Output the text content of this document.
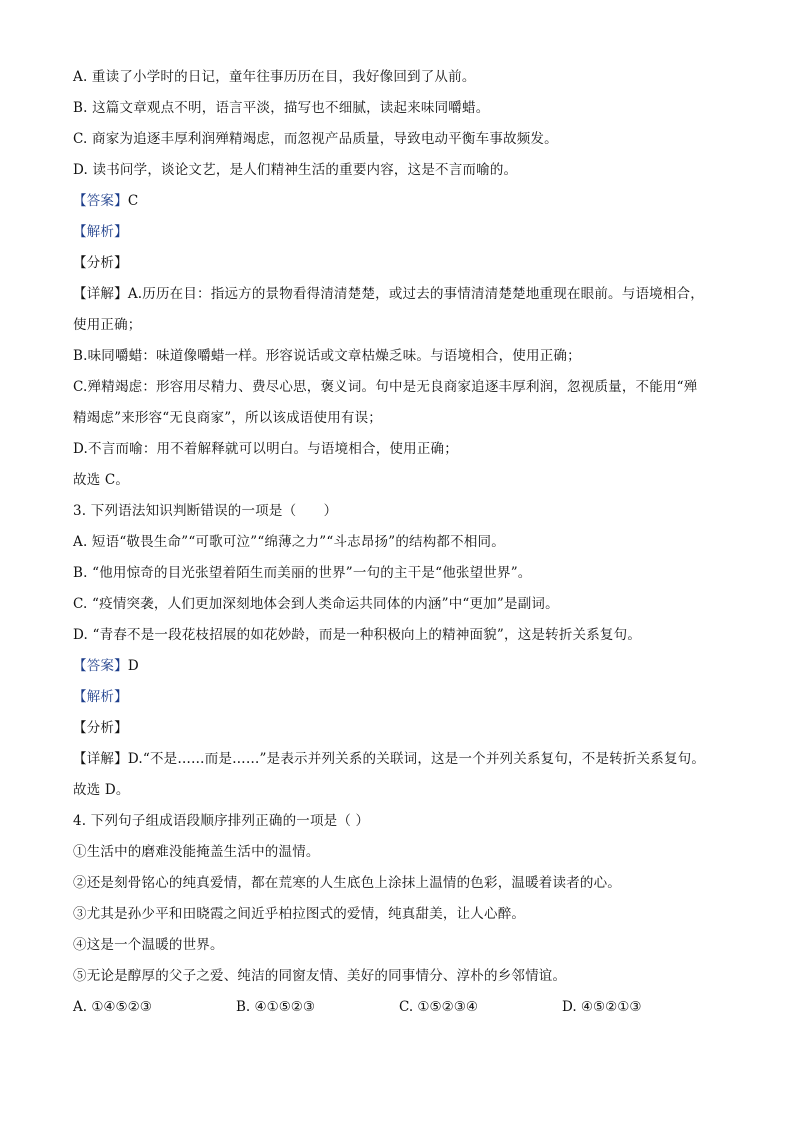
A. 重读了小学时的日记，童年往事历历在目，我好像回到了从前。
B. 这篇文章观点不明，语言平淡，描写也不细腻，读起来味同嚼蜡。
C. 商家为追逐丰厚利润殚精竭虑，而忽视产品质量，导致电动平衡车事故频发。
D. 读书问学，谈论文艺，是人们精神生活的重要内容，这是不言而喻的。
【答案】C
【解析】
【分析】
【详解】A.历历在目：指远方的景物看得清清楚楚，或过去的事情清清楚楚地重现在眼前。与语境相合，
使用正确；
B.味同嚼蜡：味道像嚼蜡一样。形容说话或文章枯燥乏味。与语境相合，使用正确；
C.殚精竭虑：形容用尽精力、费尽心思，褒义词。句中是无良商家追逐丰厚利润，忽视质量，不能用“殚
精竭虑”来形容“无良商家”，所以该成语使用有误；
D.不言而喻：用不着解释就可以明白。与语境相合，使用正确；
故选 C。
3. 下列语法知识判断错误的一项是（　　）
A. 短语“敬畏生命”“可歌可泣”“绵薄之力”“斗志昂扬”的结构都不相同。
B. “他用惊奇的目光张望着陌生而美丽的世界”一句的主干是“他张望世界”。
C. “疫情突袭，人们更加深刻地体会到人类命运共同体的内涵”中“更加”是副词。
D. “青春不是一段花枝招展的如花妙龄，而是一种积极向上的精神面貌”，这是转折关系复句。
【答案】D
【解析】
【分析】
【详解】D.“不是……而是……”是表示并列关系的关联词，这是一个并列关系复句，不是转折关系复句。
故选 D。
4. 下列句子组成语段顺序排列正确的一项是（ ）
①生活中的磨难没能掩盖生活中的温情。
②还是刻骨铭心的纯真爱情，都在荒寒的人生底色上涂抹上温情的色彩，温暖着读者的心。
③尤其是孙少平和田晓霞之间近乎柏拉图式的爱情，纯真甜美，让人心醉。
④这是一个温暖的世界。
⑤无论是醇厚的父子之爱、纯洁的同窗友情、美好的同事情分、淳朴的乡邻情谊。
A. ①④⑤②③	B. ④①⑤②③	C. ①⑤②③④	D. ④⑤②①③
